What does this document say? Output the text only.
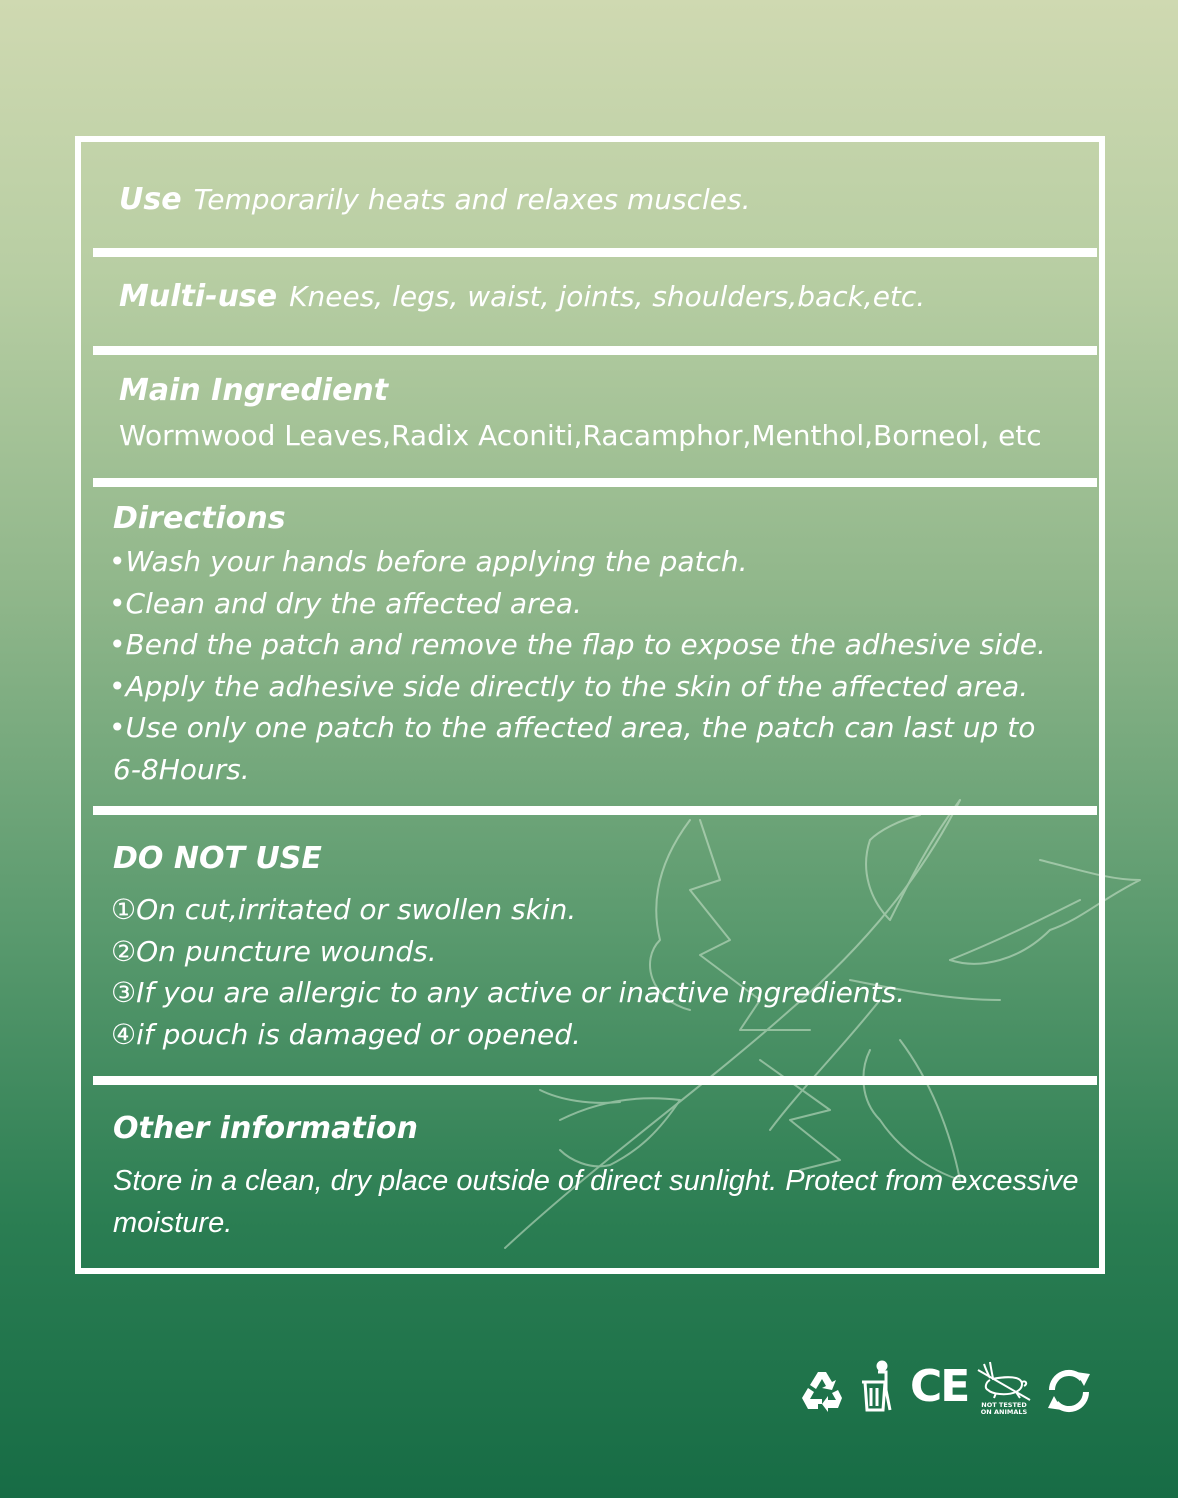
Use Temporarily heats and relaxes muscles.
Multi-use Knees, legs, waist, joints, shoulders,back,etc.
Main Ingredient
Wormwood Leaves,Radix Aconiti,Racamphor,Menthol,Borneol, etc
Directions
•Wash your hands before applying the patch.
•Clean and dry the affected area.
•Bend the patch and remove the flap to expose the adhesive side.
•Apply the adhesive side directly to the skin of the affected area.
•Use only one patch to the affected area, the patch can last up to
6-8Hours.
DO NOT USE
①On cut,irritated or swollen skin.
②On puncture wounds.
③If you are allergic to any active or inactive ingredients.
④if pouch is damaged or opened.
Other information
Store in a clean, dry place outside of direct sunlight. Protect from excessive
moisture.
CE	NOT TESTED
ON ANIMALS
